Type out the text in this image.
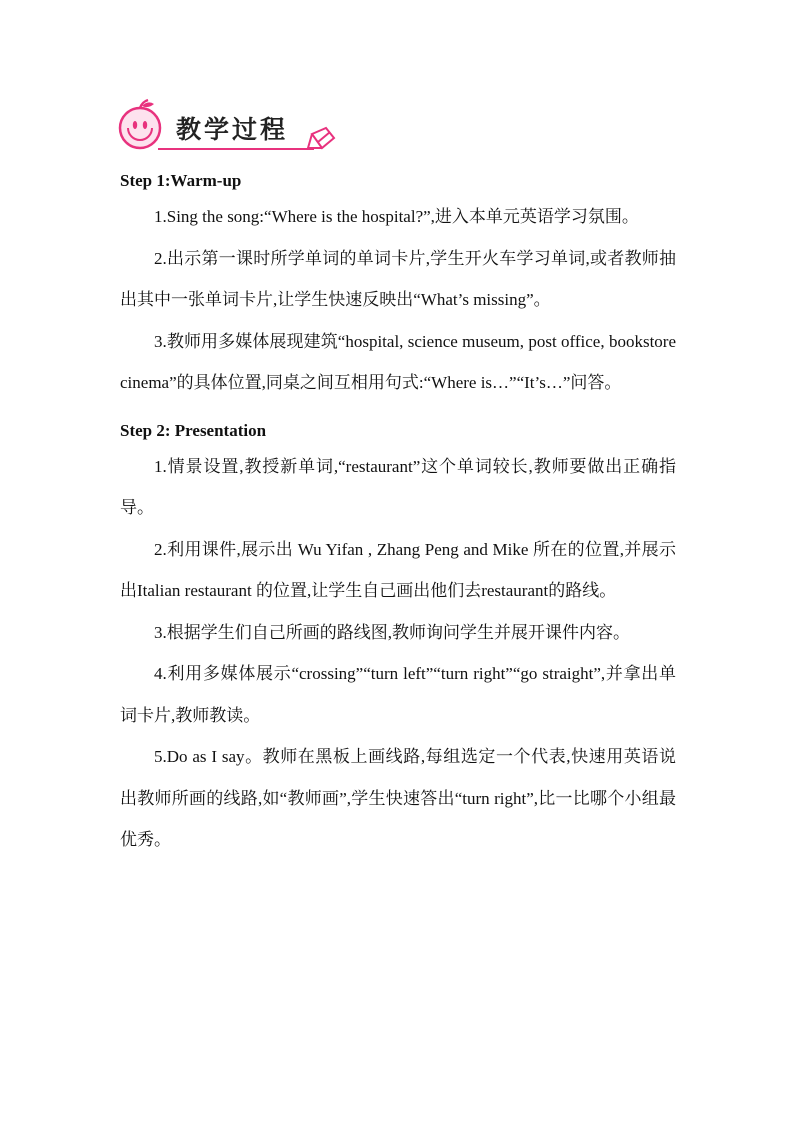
教学过程

Step 1:Warm-up

1.Sing the song:“Where is the hospital?”,进入本单元英语学习氛围。

2.出示第一课时所学单词的单词卡片,学生开火车学习单词,或者教师抽出其中一张单词卡片,让学生快速反映出“What’s missing”。

3.教师用多媒体展现建筑“hospital, science museum, post office, bookstore cinema”的具体位置,同桌之间互相用句式:“Where is…”“It’s…”问答。

Step 2: Presentation

1.情景设置,教授新单词,“restaurant”这个单词较长,教师要做出正确指导。

2.利用课件,展示出 Wu Yifan , Zhang Peng and Mike 所在的位置,并展示出Italian restaurant 的位置,让学生自己画出他们去restaurant的路线。

3.根据学生们自己所画的路线图,教师询问学生并展开课件内容。

4.利用多媒体展示“crossing”“turn left”“turn right”“go straight”,并拿出单词卡片,教师教读。

5.Do as I say。教师在黑板上画线路,每组选定一个代表,快速用英语说出教师所画的线路,如“教师画”,学生快速答出“turn right”,比一比哪个小组最优秀。
